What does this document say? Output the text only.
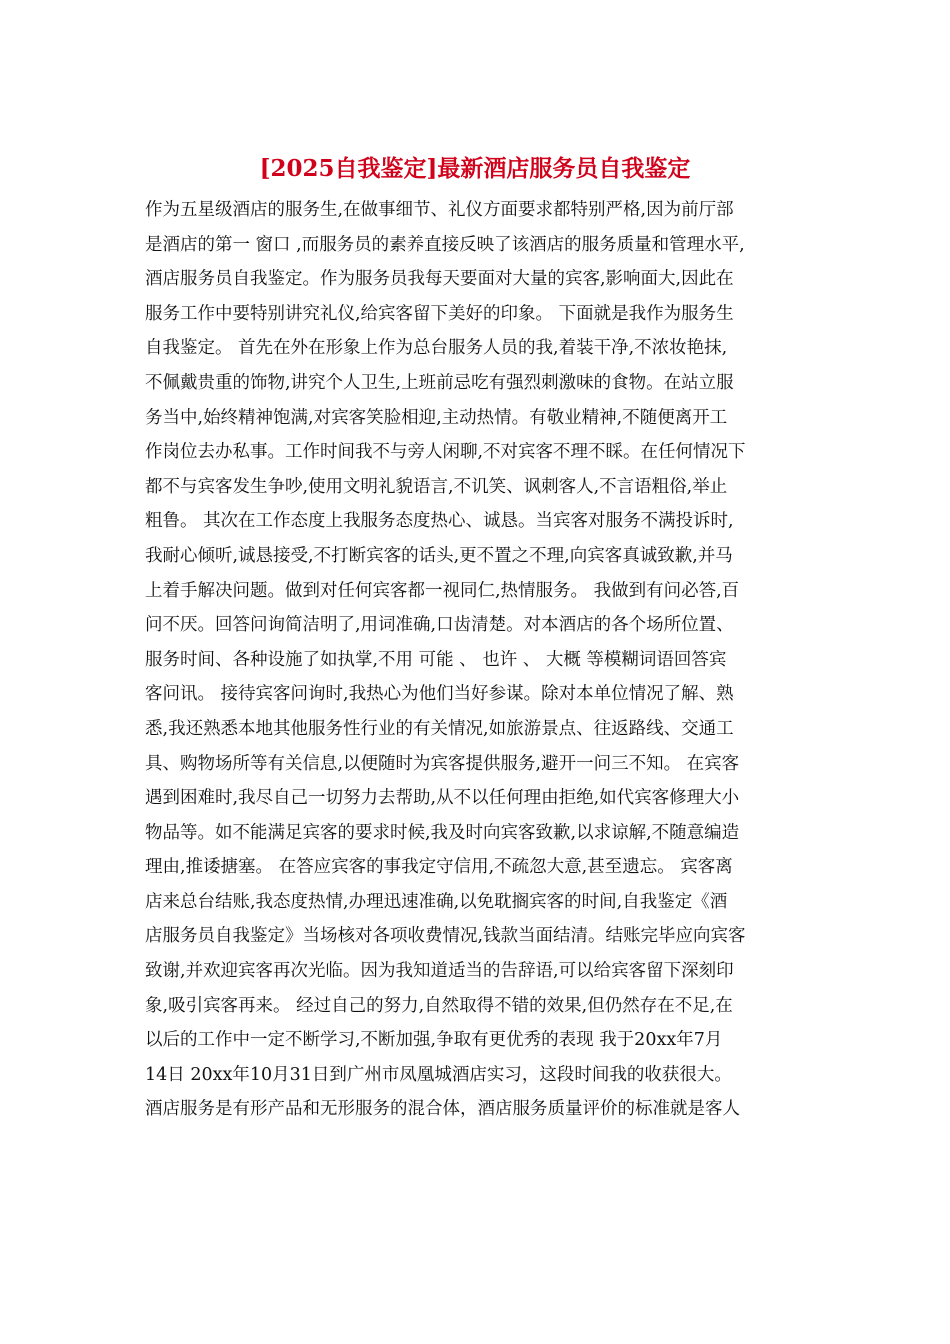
[2025自我鉴定]最新酒店服务员自我鉴定
作为五星级酒店的服务生,在做事细节、礼仪方面要求都特别严格,因为前厅部
是酒店的第一 窗口 ,而服务员的素养直接反映了该酒店的服务质量和管理水平,
酒店服务员自我鉴定。作为服务员我每天要面对大量的宾客,影响面大,因此在
服务工作中要特别讲究礼仪,给宾客留下美好的印象。 下面就是我作为服务生
自我鉴定。 首先在外在形象上作为总台服务人员的我,着装干净,不浓妆艳抹,
不佩戴贵重的饰物,讲究个人卫生,上班前忌吃有强烈刺激味的食物。在站立服
务当中,始终精神饱满,对宾客笑脸相迎,主动热情。有敬业精神,不随便离开工
作岗位去办私事。工作时间我不与旁人闲聊,不对宾客不理不睬。在任何情况下
都不与宾客发生争吵,使用文明礼貌语言,不讥笑、讽刺客人,不言语粗俗,举止
粗鲁。 其次在工作态度上我服务态度热心、诚恳。当宾客对服务不满投诉时,
我耐心倾听,诚恳接受,不打断宾客的话头,更不置之不理,向宾客真诚致歉,并马
上着手解决问题。做到对任何宾客都一视同仁,热情服务。 我做到有问必答,百
问不厌。回答问询简洁明了,用词准确,口齿清楚。对本酒店的各个场所位置、
服务时间、各种设施了如执掌,不用 可能 、 也许 、 大概 等模糊词语回答宾
客问讯。 接待宾客问询时,我热心为他们当好参谋。除对本单位情况了解、熟
悉,我还熟悉本地其他服务性行业的有关情况,如旅游景点、往返路线、交通工
具、购物场所等有关信息,以便随时为宾客提供服务,避开一问三不知。 在宾客
遇到困难时,我尽自己一切努力去帮助,从不以任何理由拒绝,如代宾客修理大小
物品等。如不能满足宾客的要求时候,我及时向宾客致歉,以求谅解,不随意编造
理由,推诿搪塞。 在答应宾客的事我定守信用,不疏忽大意,甚至遗忘。 宾客离
店来总台结账,我态度热情,办理迅速准确,以免耽搁宾客的时间,自我鉴定《酒
店服务员自我鉴定》当场核对各项收费情况,钱款当面结清。结账完毕应向宾客
致谢,并欢迎宾客再次光临。因为我知道适当的告辞语,可以给宾客留下深刻印
象,吸引宾客再来。 经过自己的努力,自然取得不错的效果,但仍然存在不足,在
以后的工作中一定不断学习,不断加强,争取有更优秀的表现 我于20xx年7月
14日 20xx年10月31日到广州市凤凰城酒店实习，这段时间我的收获很大。
酒店服务是有形产品和无形服务的混合体，酒店服务质量评价的标准就是客人
